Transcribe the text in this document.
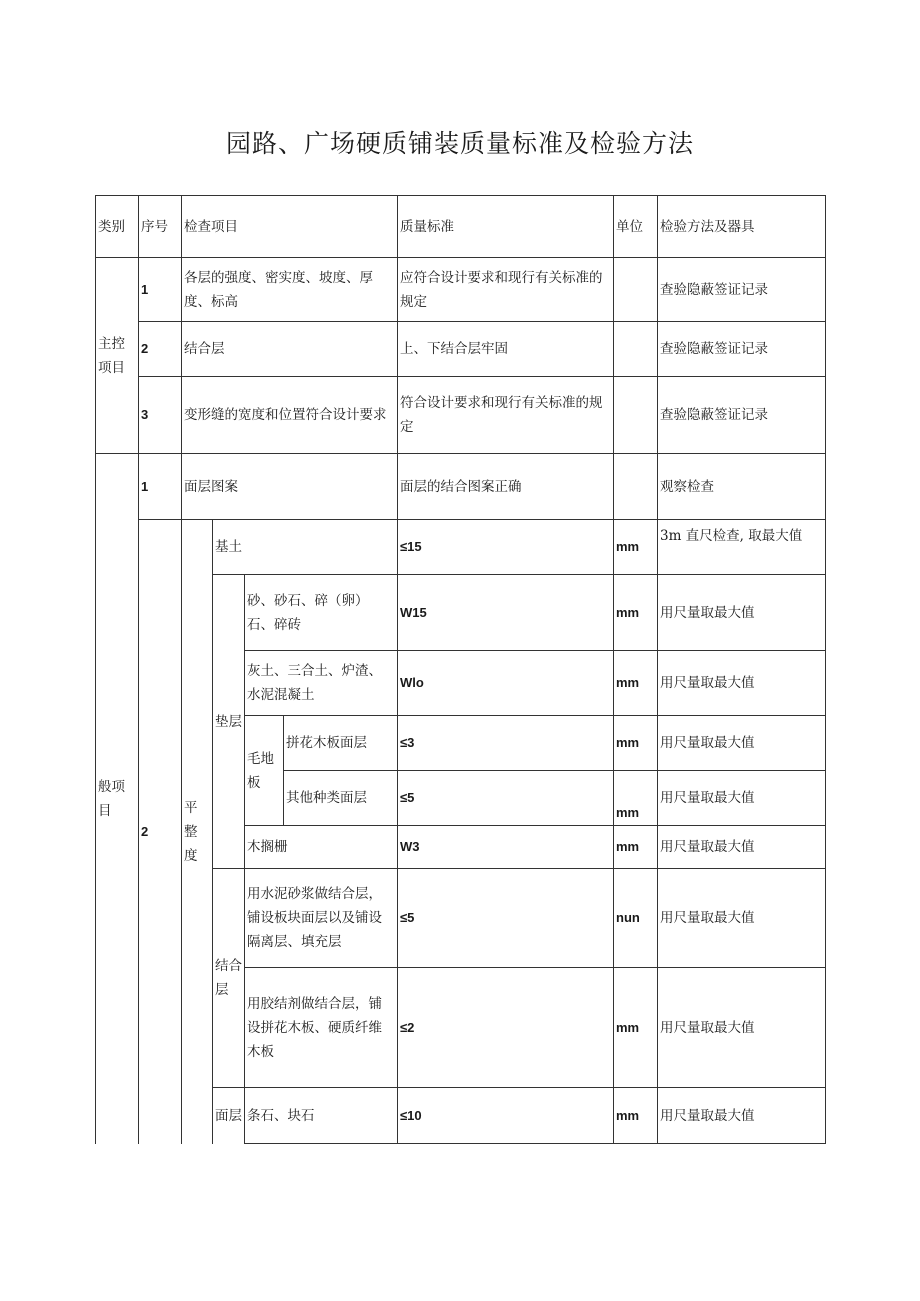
园路、广场硬质铺装质量标准及检验方法
类别	序号	检查项目				质量标准	单位	检验方法及器具
主控项目	1	各层的强度、密实度、坡度、厚度、标高				应符合设计要求和现行有关标准的规定		查验隐蔽签证记录
	2	结合层				上、下结合层牢固		查验隐蔽签证记录
	3	变形缝的宽度和位置符合设计要求				符合设计要求和现行有关标准的规定		查验隐蔽签证记录
般项目	1	面层图案				面层的结合图案正确		观察检查
	2	平整度	基土			≤15	mm	3m 直尺检查, 取最大值
			垫层	砂、砂石、碎（卵）石、碎砖		W15	mm	用尺量取最大值
				灰土、三合土、炉渣、水泥混凝土		Wlo	mm	用尺量取最大值
				毛地板	拼花木板面层	≤3	mm	用尺量取最大值
					其他种类面层	≤5	mm	用尺量取最大值
				木搁栅		W3	mm	用尺量取最大值
			结合层	用水泥砂浆做结合层，铺设板块面层以及铺设隔离层、填充层		≤5	nun	用尺量取最大值
				用胶结剂做结合层，铺设拼花木板、硬质纤维木板		≤2	mm	用尺量取最大值
			面层	条石、块石		≤10	mm	用尺量取最大值
